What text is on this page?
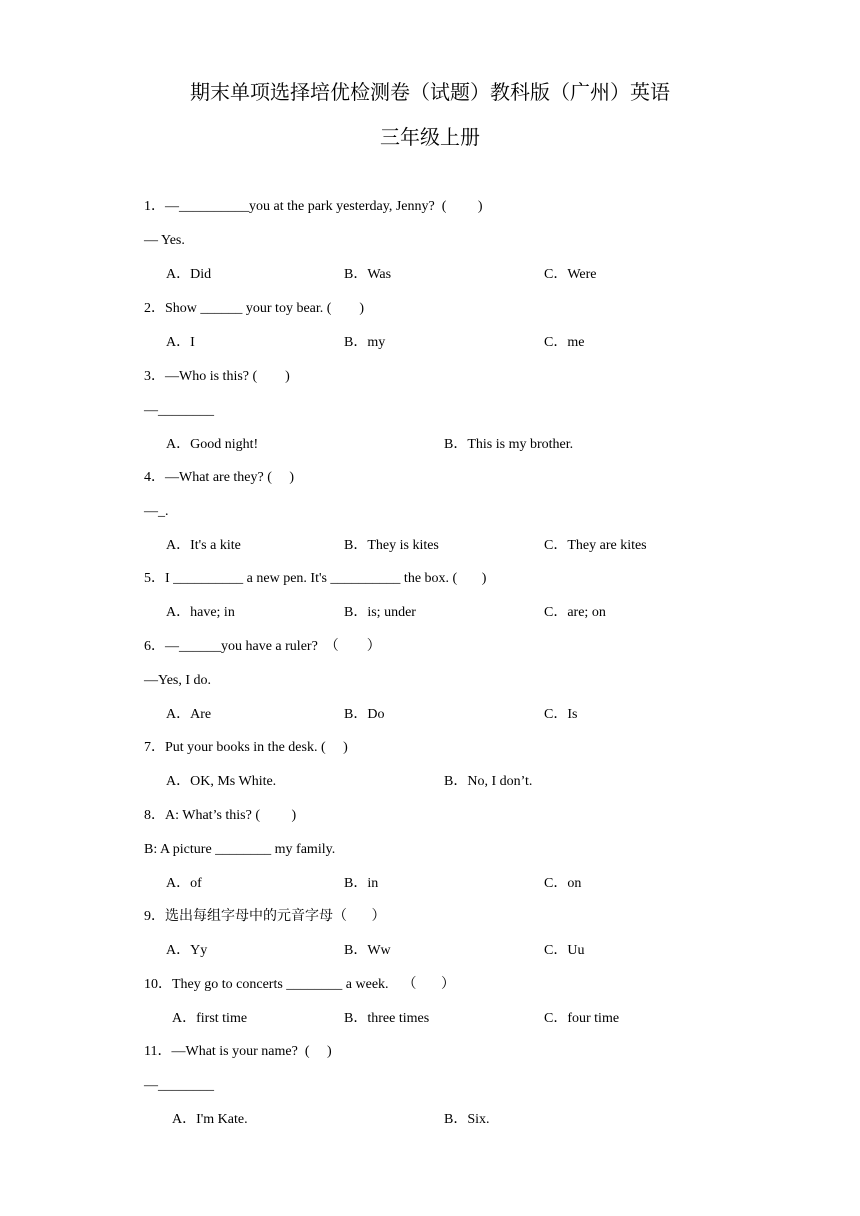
期末单项选择培优检测卷（试题）教科版（广州）英语
三年级上册
1．—__________you at the park yesterday, Jenny?  (         )
— Yes.
A．Did	B．Was	C．Were
2．Show ______ your toy bear. (        )
A．I	B．my	C．me
3．—Who is this? (        )
—________
A．Good night!	B．This is my brother.
4．—What are they? (     )
—_.
A．It's a kite	B．They is kites	C．They are kites
5．I __________ a new pen. It's __________ the box. (       )
A．have; in	B．is; under	C．are; on
6．—______you have a ruler?  （        ）
—Yes, I do.
A．Are	B．Do	C．Is
7．Put your books in the desk. (     )
A．OK, Ms White.	B．No, I don’t.
8．A: What’s this? (         )
B: A picture ________ my family.
A．of	B．in	C．on
9．选出每组字母中的元音字母（       ）
A．Yy	B．Ww	C．Uu
10．They go to concerts ________ a week.    （       ）
A．first time	B．three times	C．four time
11．—What is your name?  (     )
—________
A．I'm Kate.	B．Six.
